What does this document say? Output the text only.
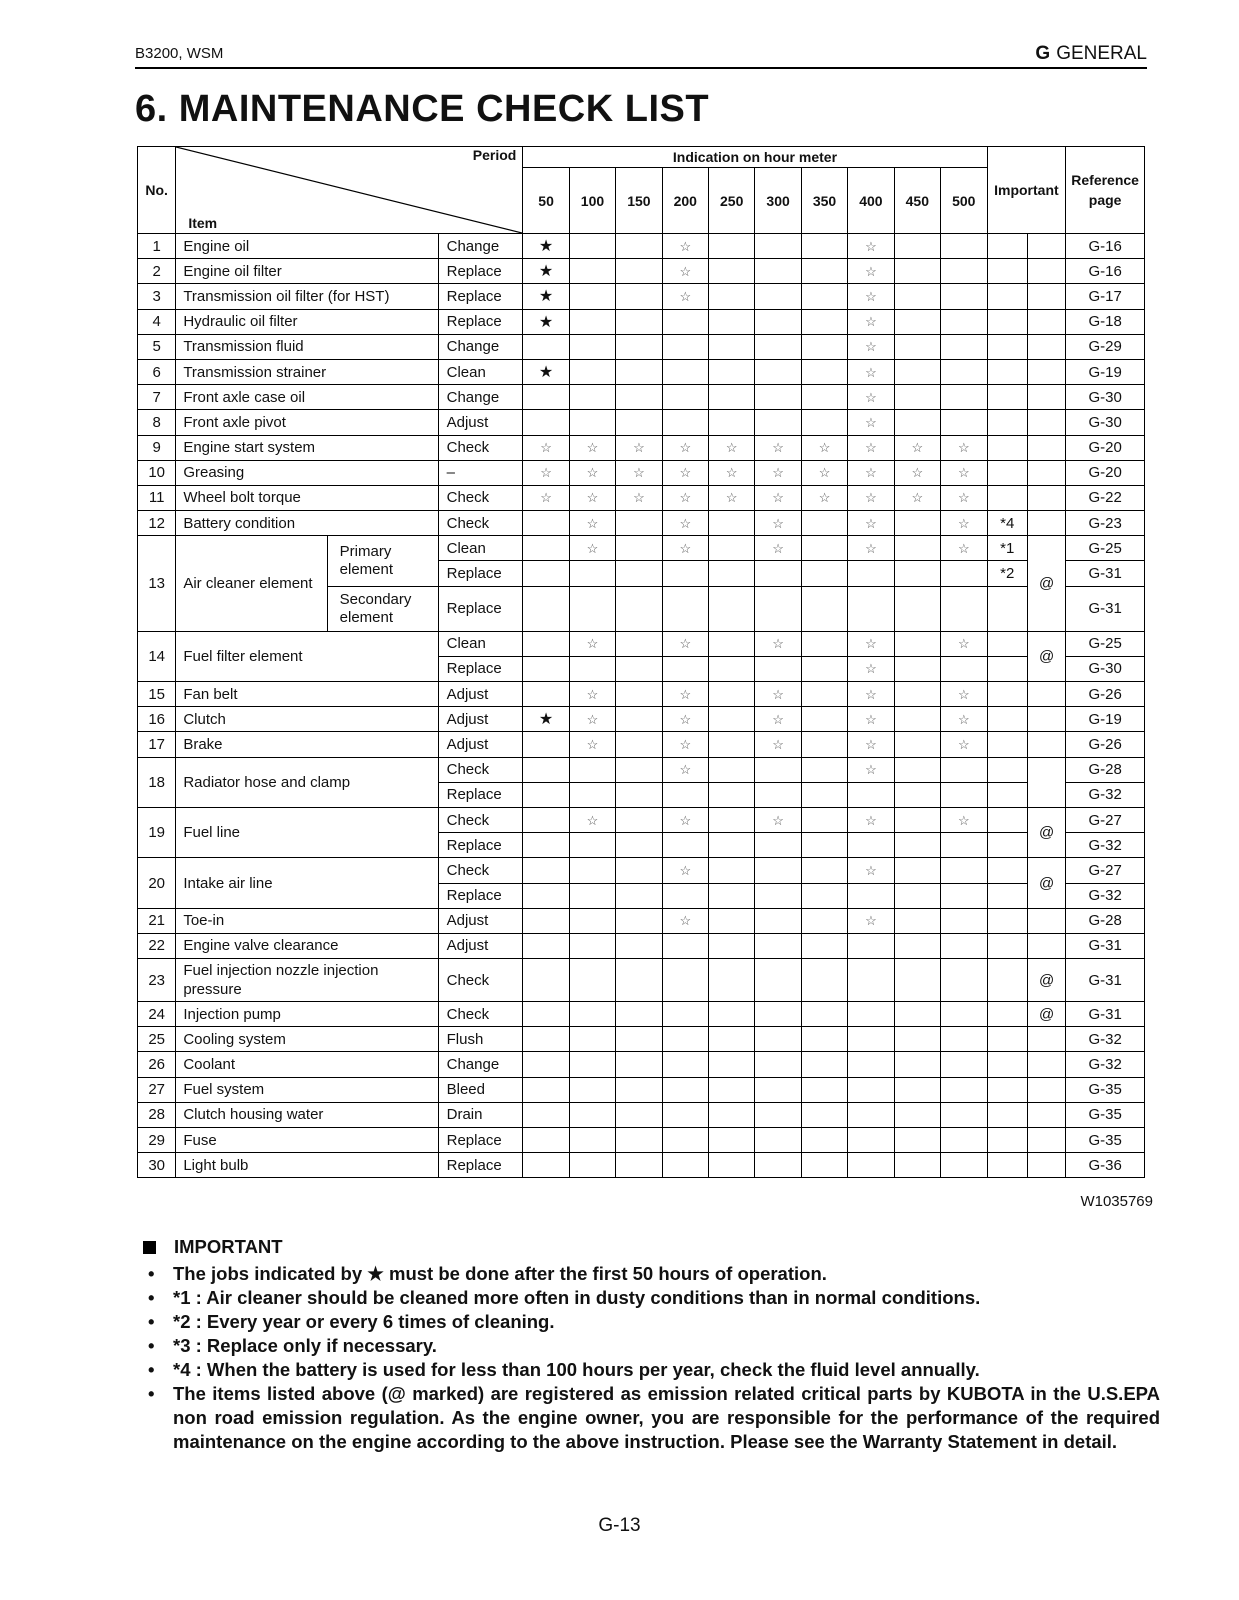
B3200, WSM	G GENERAL
6. MAINTENANCE CHECK LIST
No.	Period
Item			Indication on hour meter										Important		Reference page
				50	100	150	200	250	300	350	400	450	500			
1	Engine oil		Change	★			☆				☆					G-16
2	Engine oil filter		Replace	★			☆				☆					G-16
3	Transmission oil filter (for HST)		Replace	★			☆				☆					G-17
4	Hydraulic oil filter		Replace	★							☆					G-18
5	Transmission fluid		Change								☆					G-29
6	Transmission strainer		Clean	★							☆					G-19
7	Front axle case oil		Change								☆					G-30
8	Front axle pivot		Adjust								☆					G-30
9	Engine start system		Check	☆	☆	☆	☆	☆	☆	☆	☆	☆	☆			G-20
10	Greasing		–	☆	☆	☆	☆	☆	☆	☆	☆	☆	☆			G-20
11	Wheel bolt torque		Check	☆	☆	☆	☆	☆	☆	☆	☆	☆	☆			G-22
12	Battery condition		Check		☆		☆		☆		☆		☆	*4		G-23
13	Air cleaner element	Primary element	Clean		☆		☆		☆		☆		☆	*1	@	G-25
			Replace											*2		G-31
		Secondary element	Replace													G-31
14	Fuel filter element		Clean		☆		☆		☆		☆		☆		@	G-25
			Replace								☆					G-30
15	Fan belt		Adjust		☆		☆		☆		☆		☆			G-26
16	Clutch		Adjust	★	☆		☆		☆		☆		☆			G-19
17	Brake		Adjust		☆		☆		☆		☆		☆			G-26
18	Radiator hose and clamp		Check				☆				☆					G-28
			Replace													G-32
19	Fuel line		Check		☆		☆		☆		☆		☆		@	G-27
			Replace													G-32
20	Intake air line		Check				☆				☆				@	G-27
			Replace													G-32
21	Toe-in		Adjust				☆				☆					G-28
22	Engine valve clearance		Adjust													G-31
23	Fuel injection nozzle injection pressure		Check												@	G-31
24	Injection pump		Check												@	G-31
25	Cooling system		Flush													G-32
26	Coolant		Change													G-32
27	Fuel system		Bleed													G-35
28	Clutch housing water		Drain													G-35
29	Fuse		Replace													G-35
30	Light bulb		Replace													G-36
W1035769
IMPORTANT
• The jobs indicated by ★ must be done after the first 50 hours of operation.
• *1 : Air cleaner should be cleaned more often in dusty conditions than in normal conditions.
• *2 : Every year or every 6 times of cleaning.
• *3 : Replace only if necessary.
• *4 : When the battery is used for less than 100 hours per year, check the fluid level annually.
• The items listed above (@ marked) are registered as emission related critical parts by KUBOTA in the U.S.EPA non road emission regulation. As the engine owner, you are responsible for the performance of the required maintenance on the engine according to the above instruction. Please see the Warranty Statement in detail.
G-13
